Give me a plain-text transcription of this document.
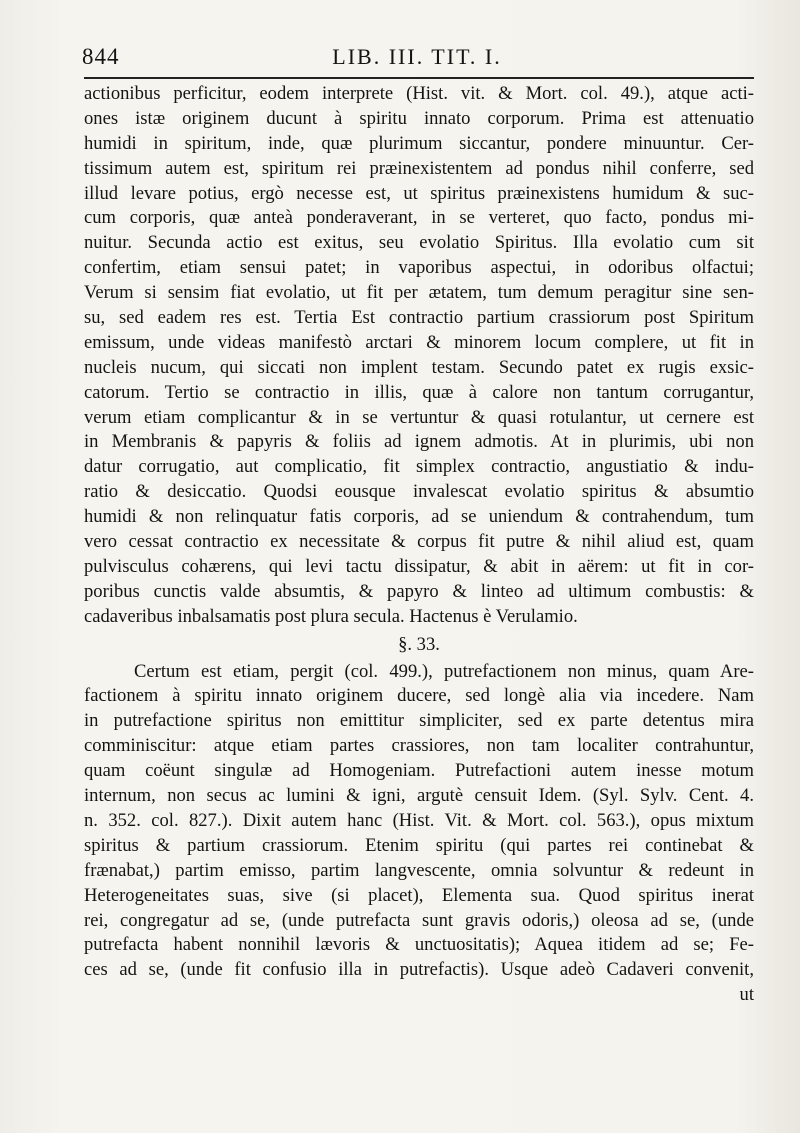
844	LIB. III. TIT. I.
actionibus perficitur, eodem interprete (Hist. vit. & Mort. col. 49.), atque acti-
ones istæ originem ducunt à spiritu innato corporum. Prima est attenuatio
humidi in spiritum, inde, quæ plurimum siccantur, pondere minuuntur. Cer-
tissimum autem est, spiritum rei præinexistentem ad pondus nihil conferre, sed
illud levare potius, ergò necesse est, ut spiritus præinexistens humidum & suc-
cum corporis, quæ anteà ponderaverant, in se verteret, quo facto, pondus mi-
nuitur. Secunda actio est exitus, seu evolatio Spiritus. Illa evolatio cum sit
confertim, etiam sensui patet; in vaporibus aspectui, in odoribus olfactui;
Verum si sensim fiat evolatio, ut fit per ætatem, tum demum peragitur sine sen-
su, sed eadem res est. Tertia Est contractio partium crassiorum post Spiritum
emissum, unde videas manifestò arctari & minorem locum complere, ut fit in
nucleis nucum, qui siccati non implent testam. Secundo patet ex rugis exsic-
catorum. Tertio se contractio in illis, quæ à calore non tantum corrugantur,
verum etiam complicantur & in se vertuntur & quasi rotulantur, ut cernere est
in Membranis & papyris & foliis ad ignem admotis. At in plurimis, ubi non
datur corrugatio, aut complicatio, fit simplex contractio, angustiatio & indu-
ratio & desiccatio. Quodsi eousque invalescat evolatio spiritus & absumtio
humidi & non relinquatur fatis corporis, ad se uniendum & contrahendum, tum
vero cessat contractio ex necessitate & corpus fit putre & nihil aliud est, quam
pulvisculus cohærens, qui levi tactu dissipatur, & abit in aërem: ut fit in cor-
poribus cunctis valde absumtis, & papyro & linteo ad ultimum combustis: &
cadaveribus inbalsamatis post plura secula. Hactenus è Verulamio.
§. 33.
Certum est etiam, pergit (col. 499.), putrefactionem non minus, quam Are-
factionem à spiritu innato originem ducere, sed longè alia via incedere. Nam
in putrefactione spiritus non emittitur simpliciter, sed ex parte detentus mira
comminiscitur: atque etiam partes crassiores, non tam localiter contrahuntur,
quam coëunt singulæ ad Homogeniam. Putrefactioni autem inesse motum
internum, non secus ac lumini & igni, argutè censuit Idem. (Syl. Sylv. Cent. 4.
n. 352. col. 827.). Dixit autem hanc (Hist. Vit. & Mort. col. 563.), opus mixtum
spiritus & partium crassiorum. Etenim spiritu (qui partes rei continebat &
frænabat,) partim emisso, partim langvescente, omnia solvuntur & redeunt in
Heterogeneitates suas, sive (si placet), Elementa sua. Quod spiritus inerat
rei, congregatur ad se, (unde putrefacta sunt gravis odoris,) oleosa ad se, (unde
putrefacta habent nonnihil lævoris & unctuositatis); Aquea itidem ad se; Fe-
ces ad se, (unde fit confusio illa in putrefactis). Usque adeò Cadaveri convenit,
ut
